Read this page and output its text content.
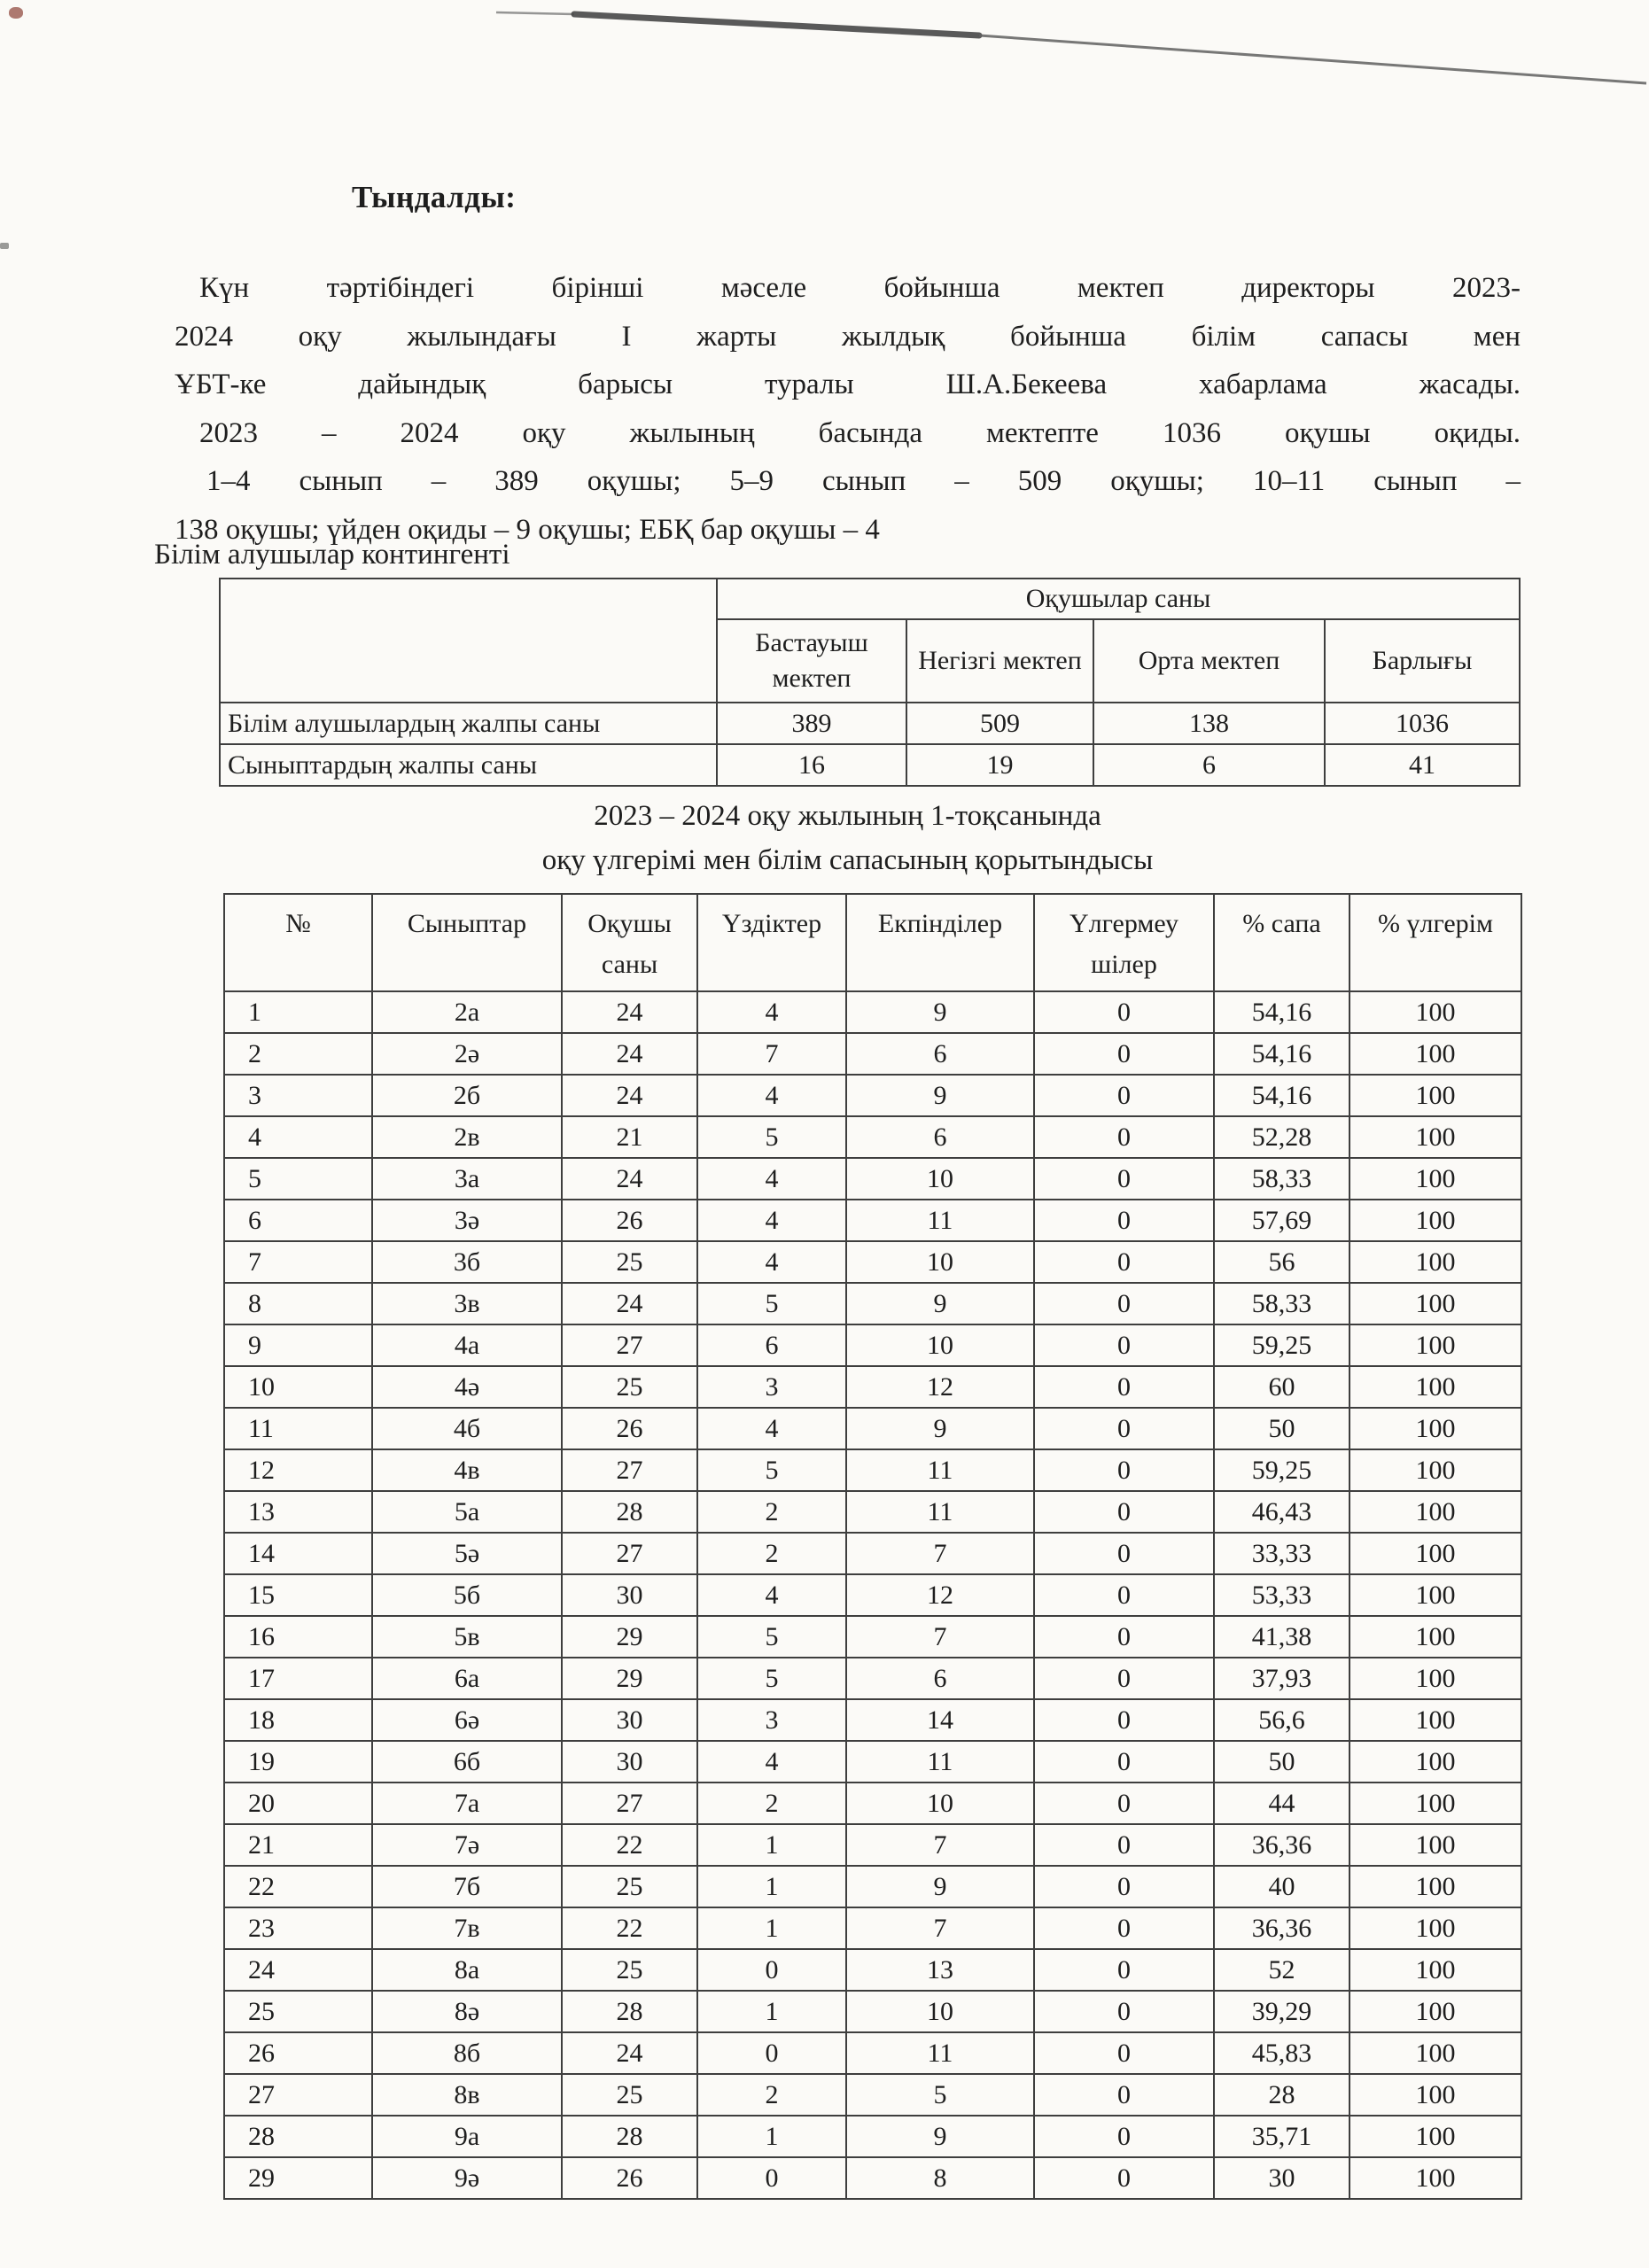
Тыңдалды:
Күн тәртібіндегі бірінші мәселе бойынша мектеп директоры 2023-
2024 оқу жылындағы I жарты жылдық бойынша білім сапасы мен
ҰБТ-ке дайындық барысы туралы Ш.А.Бекеева хабарлама жасады.
2023 – 2024 оқу жылының басында мектепте 1036 оқушы оқиды.
1–4 сынып – 389 оқушы; 5–9 сынып – 509 оқушы; 10–11 сынып –
138 оқушы; үйден оқиды – 9 оқушы; ЕБҚ бар оқушы – 4
Білім алушылар контингенті
	Оқушылар саны			
	Бастауыш мектеп	Негізгі мектеп	Орта мектеп	Барлығы
Білім алушылардың жалпы саны	389	509	138	1036
Сыныптардың жалпы саны	16	19	6	41
2023 – 2024 оқу жылының 1-тоқсанында
оқу үлгерімі мен білім сапасының қорытындысы
№	Сыныптар	Оқушы саны	Үздіктер	Екпінділер	Үлгермеу шілер	% сапа	% үлгерім
1	2а	24	4	9	0	54,16	100
2	2ә	24	7	6	0	54,16	100
3	2б	24	4	9	0	54,16	100
4	2в	21	5	6	0	52,28	100
5	3а	24	4	10	0	58,33	100
6	3ә	26	4	11	0	57,69	100
7	3б	25	4	10	0	56	100
8	3в	24	5	9	0	58,33	100
9	4а	27	6	10	0	59,25	100
10	4ә	25	3	12	0	60	100
11	4б	26	4	9	0	50	100
12	4в	27	5	11	0	59,25	100
13	5а	28	2	11	0	46,43	100
14	5ә	27	2	7	0	33,33	100
15	5б	30	4	12	0	53,33	100
16	5в	29	5	7	0	41,38	100
17	6а	29	5	6	0	37,93	100
18	6ә	30	3	14	0	56,6	100
19	6б	30	4	11	0	50	100
20	7а	27	2	10	0	44	100
21	7ә	22	1	7	0	36,36	100
22	7б	25	1	9	0	40	100
23	7в	22	1	7	0	36,36	100
24	8а	25	0	13	0	52	100
25	8ә	28	1	10	0	39,29	100
26	8б	24	0	11	0	45,83	100
27	8в	25	2	5	0	28	100
28	9а	28	1	9	0	35,71	100
29	9ә	26	0	8	0	30	100
